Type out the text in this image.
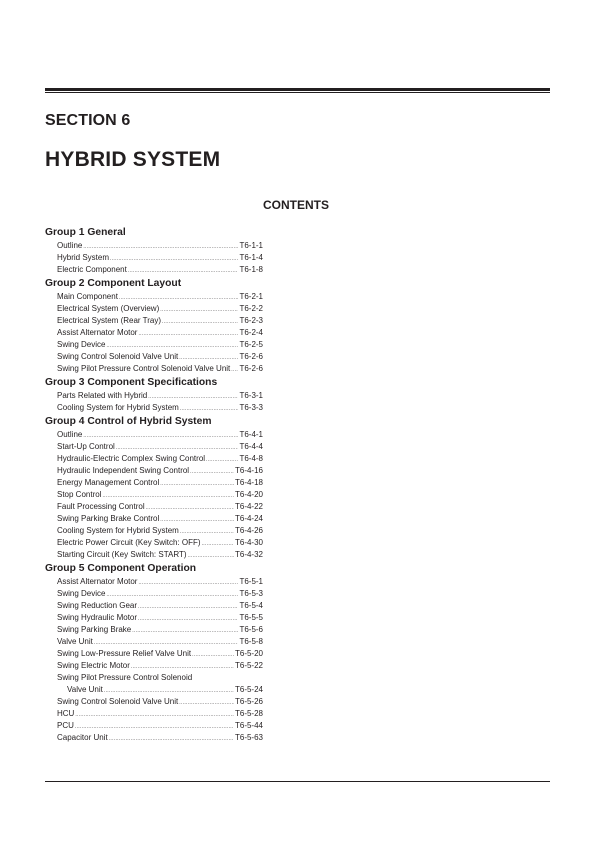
SECTION 6
HYBRID SYSTEM
CONTENTS
Group 1 General
Outline .....	T6-1-1
Hybrid System .....	T6-1-4
Electric Component .....	T6-1-8
Group 2 Component Layout
Main Component .....	T6-2-1
Electrical System (Overview) .....	T6-2-2
Electrical System (Rear Tray) .....	T6-2-3
Assist Alternator Motor .....	T6-2-4
Swing Device .....	T6-2-5
Swing Control Solenoid Valve Unit .....	T6-2-6
Swing Pilot Pressure Control Solenoid Valve Unit ..... T6-2-6
Group 3 Component Specifications
Parts Related with Hybrid .....	T6-3-1
Cooling System for Hybrid System .....	T6-3-3
Group 4 Control of Hybrid System
Outline .....	T6-4-1
Start-Up Control .....	T6-4-4
Hydraulic-Electric Complex Swing Control .....	T6-4-8
Hydraulic Independent Swing Control .....	T6-4-16
Energy Management Control .....	T6-4-18
Stop Control .....	T6-4-20
Fault Processing Control .....	T6-4-22
Swing Parking Brake Control .....	T6-4-24
Cooling System for Hybrid System .....	T6-4-26
Electric Power Circuit (Key Switch: OFF) .....	T6-4-30
Starting Circuit (Key Switch: START) .....	T6-4-32
Group 5 Component Operation
Assist Alternator Motor .....	T6-5-1
Swing Device .....	T6-5-3
Swing Reduction Gear .....	T6-5-4
Swing Hydraulic Motor .....	T6-5-5
Swing Parking Brake .....	T6-5-6
Valve Unit .....	T6-5-8
Swing Low-Pressure Relief Valve Unit .....	T6-5-20
Swing Electric Motor .....	T6-5-22
Swing Pilot Pressure Control Solenoid
Valve Unit .....	T6-5-24
Swing Control Solenoid Valve Unit .....	T6-5-26
HCU .....	T6-5-28
PCU .....	T6-5-44
Capacitor Unit .....	T6-5-63
